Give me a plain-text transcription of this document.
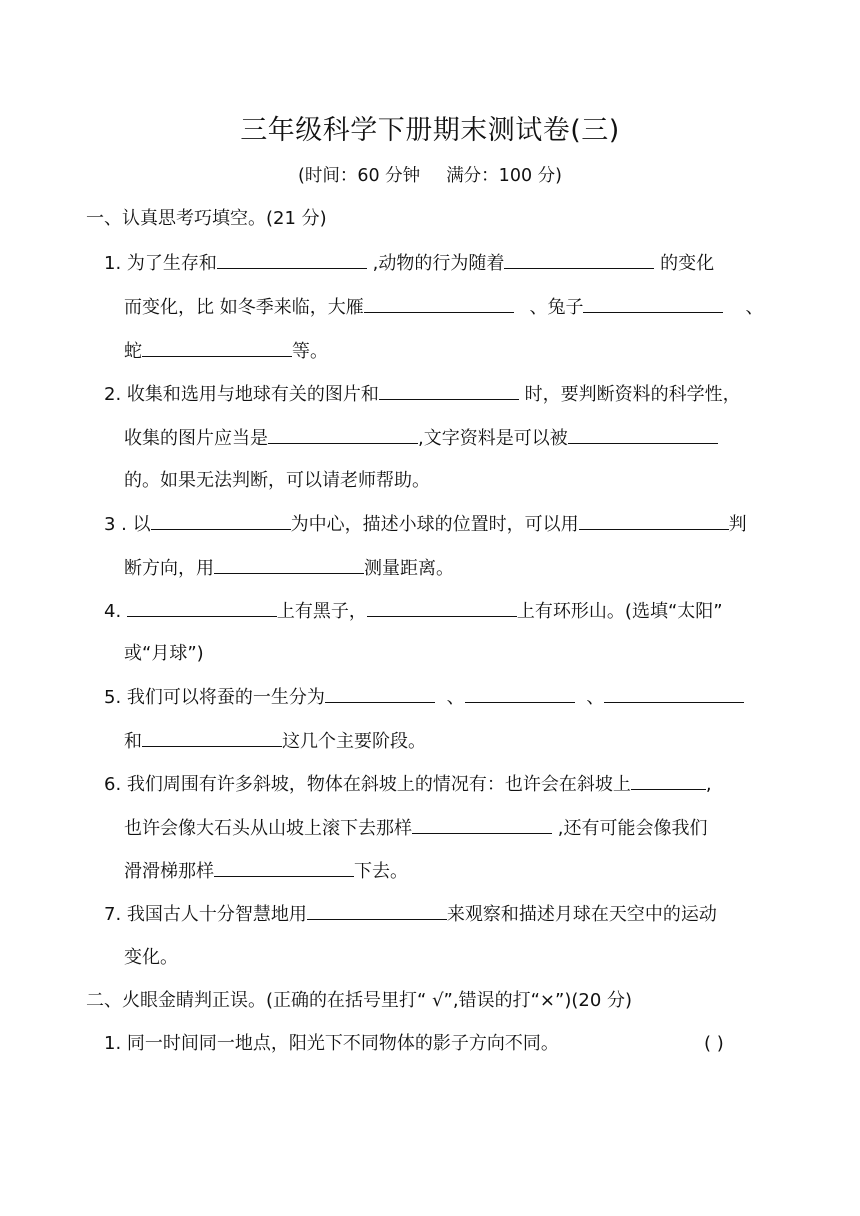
三年级科学下册期末测试卷(三)
(时间：60 分钟 满分：100 分)
一、认真思考巧填空。(21 分)
1. 为了生存和	,动物的行为随着	的变化
而变化，比 如冬季来临，大雁	、兔子	、
蛇	等。
2. 收集和选用与地球有关的图片和	时，要判断资料的科学性，
收集的图片应当是	,文字资料是可以被
的。如果无法判断，可以请老师帮助。
3 . 以	为中心，描述小球的位置时，可以用	判
断方向，用	测量距离。
4.	上有黑子，	上有环形山。(选填“太阳”
或“月球”)
5. 我们可以将蚕的一生分为	、	、
和	这几个主要阶段。
6. 我们周围有许多斜坡，物体在斜坡上的情况有：也许会在斜坡上	,
也许会像大石头从山坡上滚下去那样	,还有可能会像我们
滑滑梯那样	下去。
7. 我国古人十分智慧地用	来观察和描述月球在天空中的运动
变化。
二、火眼金睛判正误。(正确的在括号里打“ √”,错误的打“×”)(20 分)
1. 同一时间同一地点，阳光下不同物体的影子方向不同。	( )
